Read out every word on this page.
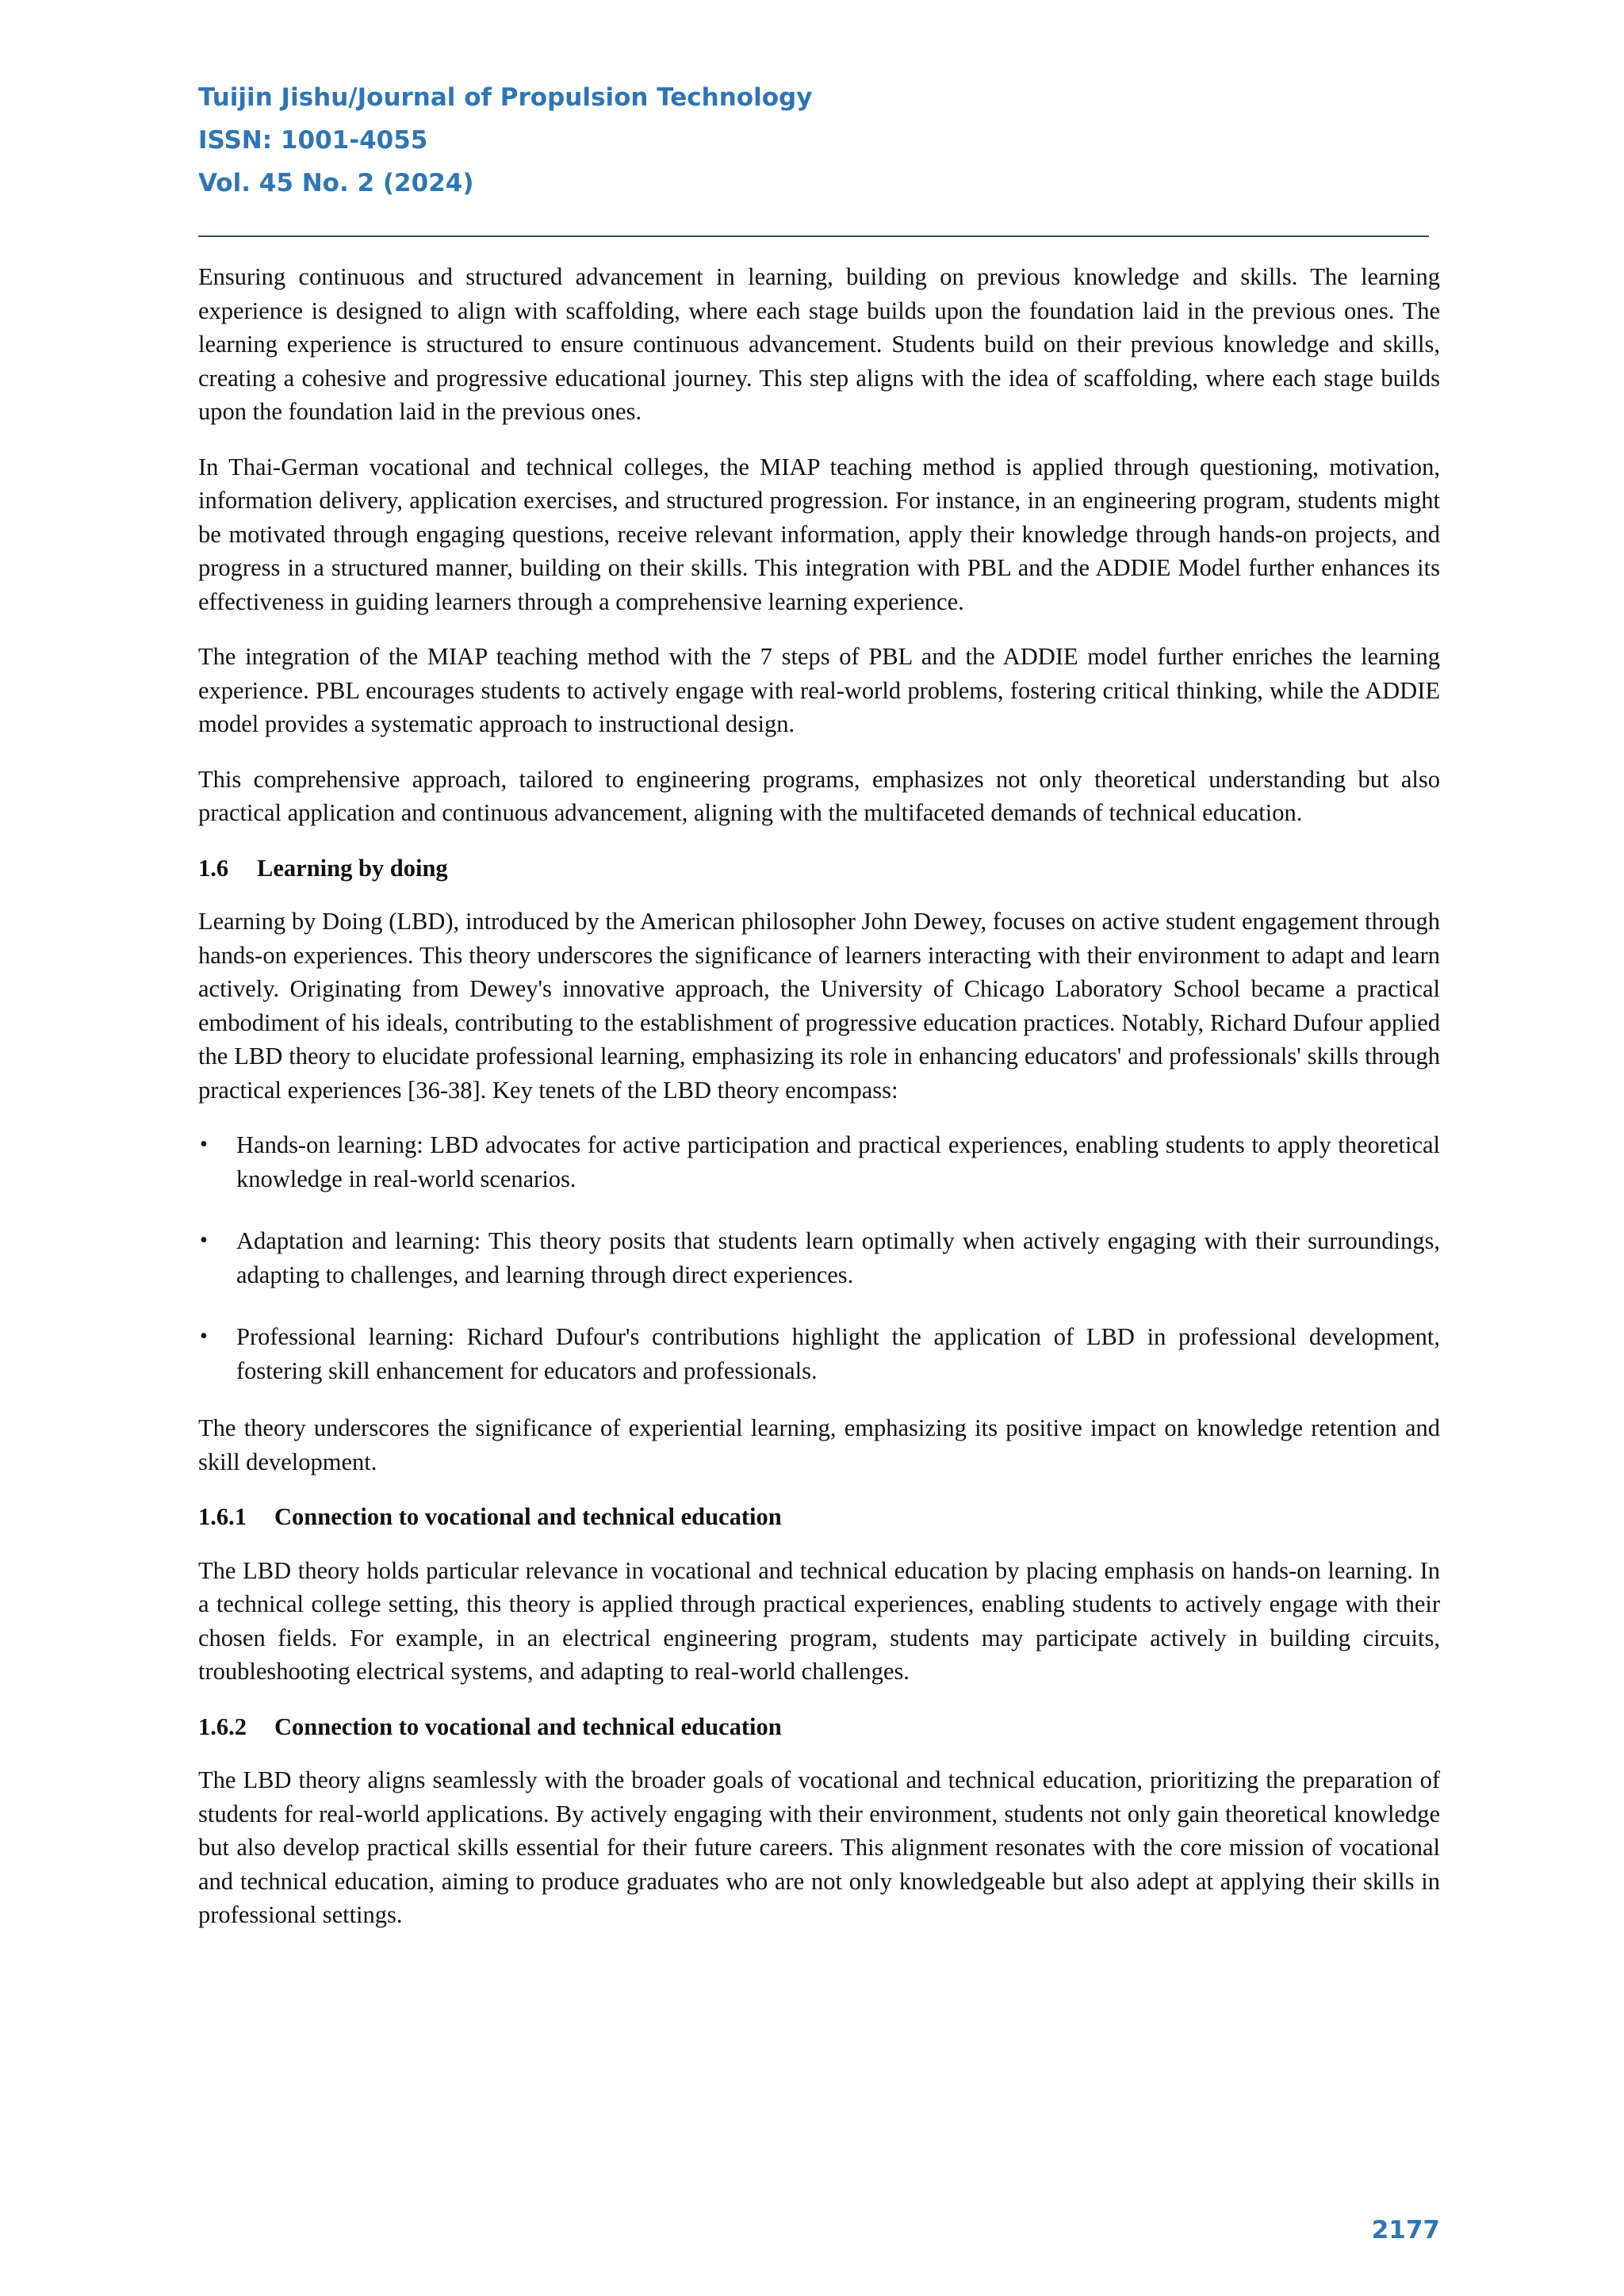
Tuijin Jishu/Journal of Propulsion Technology
ISSN: 1001-4055
Vol. 45 No. 2 (2024)

Ensuring continuous and structured advancement in learning, building on previous knowledge and skills. The learning experience is designed to align with scaffolding, where each stage builds upon the foundation laid in the previous ones. The learning experience is structured to ensure continuous advancement. Students build on their previous knowledge and skills, creating a cohesive and progressive educational journey. This step aligns with the idea of scaffolding, where each stage builds upon the foundation laid in the previous ones.

In Thai-German vocational and technical colleges, the MIAP teaching method is applied through questioning, motivation, information delivery, application exercises, and structured progression. For instance, in an engineering program, students might be motivated through engaging questions, receive relevant information, apply their knowledge through hands-on projects, and progress in a structured manner, building on their skills. This integration with PBL and the ADDIE Model further enhances its effectiveness in guiding learners through a comprehensive learning experience.

The integration of the MIAP teaching method with the 7 steps of PBL and the ADDIE model further enriches the learning experience. PBL encourages students to actively engage with real-world problems, fostering critical thinking, while the ADDIE model provides a systematic approach to instructional design.

This comprehensive approach, tailored to engineering programs, emphasizes not only theoretical understanding but also practical application and continuous advancement, aligning with the multifaceted demands of technical education.

1.6 Learning by doing

Learning by Doing (LBD), introduced by the American philosopher John Dewey, focuses on active student engagement through hands-on experiences. This theory underscores the significance of learners interacting with their environment to adapt and learn actively. Originating from Dewey's innovative approach, the University of Chicago Laboratory School became a practical embodiment of his ideals, contributing to the establishment of progressive education practices. Notably, Richard Dufour applied the LBD theory to elucidate professional learning, emphasizing its role in enhancing educators' and professionals' skills through practical experiences [36-38]. Key tenets of the LBD theory encompass:

• Hands-on learning: LBD advocates for active participation and practical experiences, enabling students to apply theoretical knowledge in real-world scenarios.
• Adaptation and learning: This theory posits that students learn optimally when actively engaging with their surroundings, adapting to challenges, and learning through direct experiences.
• Professional learning: Richard Dufour's contributions highlight the application of LBD in professional development, fostering skill enhancement for educators and professionals.

The theory underscores the significance of experiential learning, emphasizing its positive impact on knowledge retention and skill development.

1.6.1 Connection to vocational and technical education

The LBD theory holds particular relevance in vocational and technical education by placing emphasis on hands-on learning. In a technical college setting, this theory is applied through practical experiences, enabling students to actively engage with their chosen fields. For example, in an electrical engineering program, students may participate actively in building circuits, troubleshooting electrical systems, and adapting to real-world challenges.

1.6.2 Connection to vocational and technical education

The LBD theory aligns seamlessly with the broader goals of vocational and technical education, prioritizing the preparation of students for real-world applications. By actively engaging with their environment, students not only gain theoretical knowledge but also develop practical skills essential for their future careers. This alignment resonates with the core mission of vocational and technical education, aiming to produce graduates who are not only knowledgeable but also adept at applying their skills in professional settings.

2177
